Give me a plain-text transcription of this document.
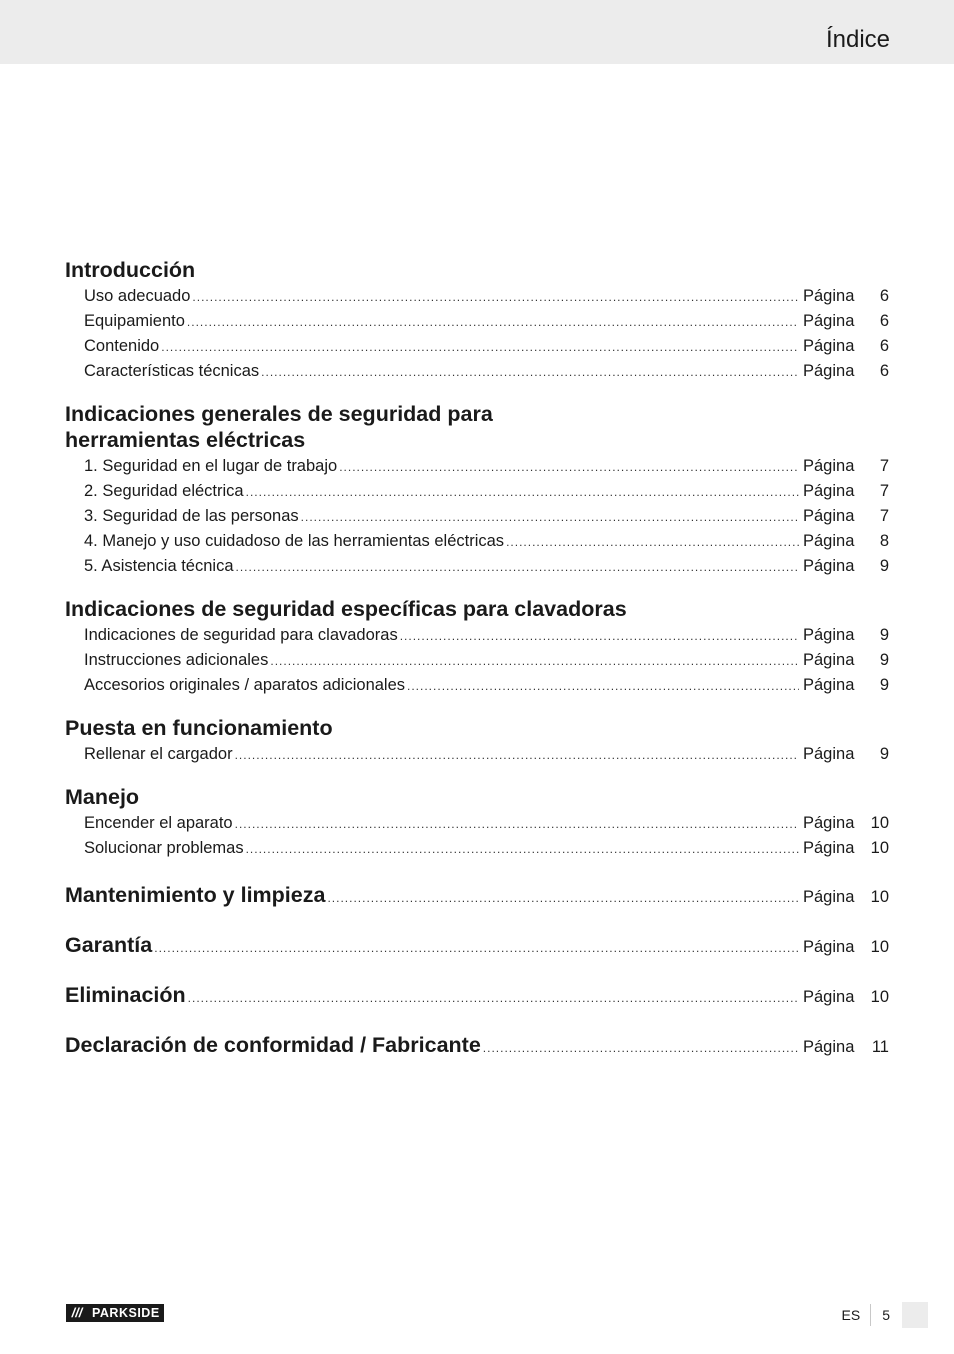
Índice
Introducción
Uso adecuado .....	Página	6
Equipamiento .....	Página	6
Contenido .....	Página	6
Características técnicas .....	Página	6
Indicaciones generales de seguridad para
herramientas eléctricas
1. Seguridad en el lugar de trabajo .....	Página	7
2. Seguridad eléctrica .....	Página	7
3. Seguridad de las personas .....	Página	7
4. Manejo y uso cuidadoso de las herramientas eléctricas .....	Página	8
5. Asistencia técnica .....	Página	9
Indicaciones de seguridad específicas para clavadoras
Indicaciones de seguridad para clavadoras .....	Página	9
Instrucciones adicionales .....	Página	9
Accesorios originales / aparatos adicionales .....	Página	9
Puesta en funcionamiento
Rellenar el cargador .....	Página	9
Manejo
Encender el aparato .....	Página 10
Solucionar problemas .....	Página 10
Mantenimiento y limpieza .....	Página 10
Garantía .....	Página 10
Eliminación .....	Página 10
Declaración de conformidad / Fabricante .....	Página	11
/// PARKSIDE	ES	5
